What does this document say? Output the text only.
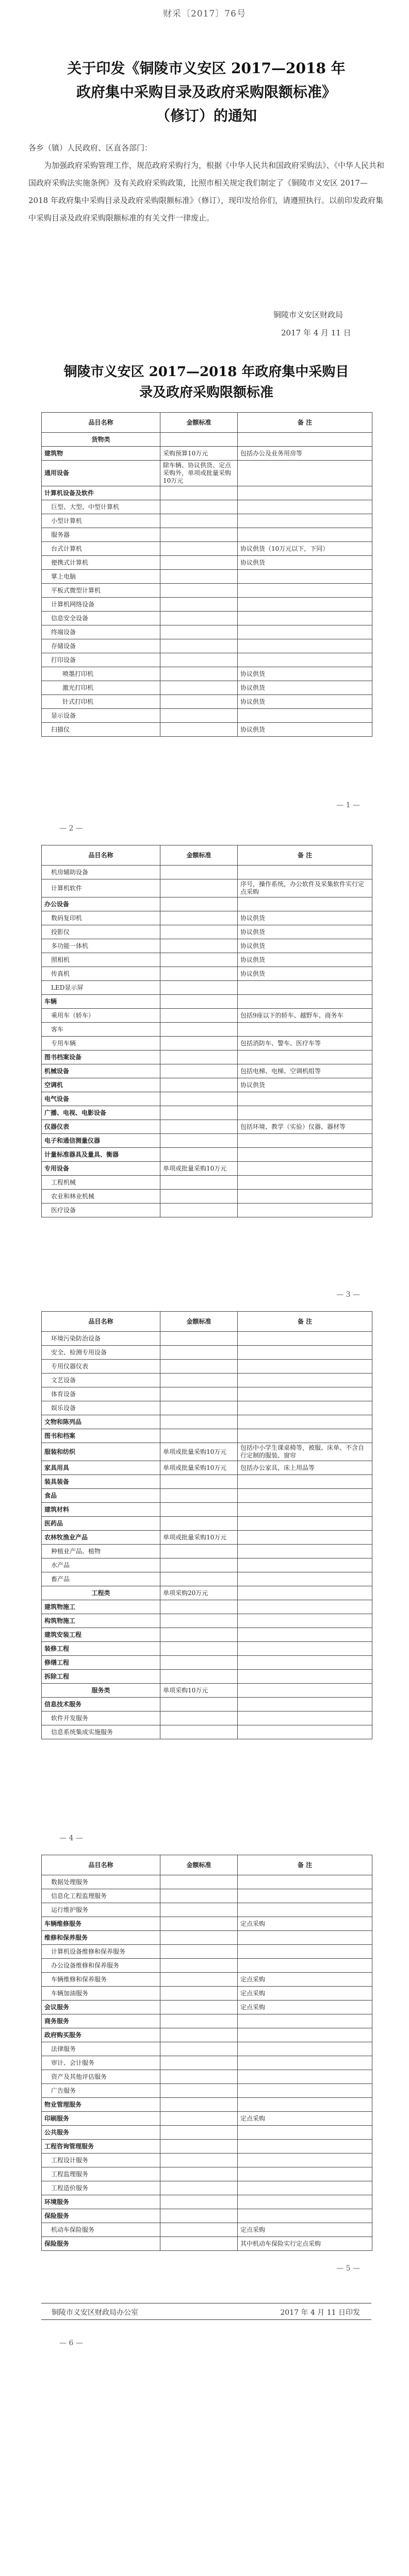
财采〔2017〕76号
关于印发《铜陵市义安区 2017—2018 年政府集中采购目录及政府采购限额标准》（修订）的通知

各乡（镇）人民政府、区直各部门：

为加强政府采购管理工作，规范政府采购行为，根据《中华人民共和国政府采购法》、《中华人民共和国政府采购法实施条例》及有关政府采购政策，比照市相关规定我们制定了《铜陵市义安区 2017—2018 年政府集中采购目录及政府采购限额标准》（修订），现印发给你们，请遵照执行。以前印发政府集中采购目录及政府采购限额标准的有关文件一律废止。

铜陵市义安区财政局
2017 年 4 月 11 日
铜陵市义安区 2017—2018 年政府集中采购目录及政府采购限额标准
品目名称	金额标准	备 注
货物类		
建筑物	采购预算10万元	包括办公及业务用房等
通用设备	除车辆、协议供货、定点采购外，单项或批量采购10万元	
计算机设备及软件		
巨型、大型、中型计算机		
小型计算机		
服务器		
台式计算机		协议供货（10万元以下，下同）
便携式计算机		协议供货
掌上电脑		
平板式微型计算机		
计算机网络设备		
信息安全设备		
终端设备		
存储设备		
打印设备		
喷墨打印机		协议供货
激光打印机		协议供货
针式打印机		协议供货
显示设备		
扫描仪		协议供货
— 1 —
— 2 —
品目名称	金额标准	备 注
机房辅助设备		
计算机软件		序号，操作系统，办公软件及采集软件实行定点采购
办公设备		
数码复印机		协议供货
投影仪		协议供货
多功能一体机		协议供货
照相机		协议供货
传真机		协议供货
LED显示屏		
车辆		
乘用车（轿车）		包括9座以下的轿车、越野车、商务车
客车		
专用车辆		包括消防车、警车、医疗车等
图书档案设备		
机械设备		包括电梯、电梯、空调机组等
空调机		协议供货
电气设备		
广播、电视、电影设备		
仪器仪表		包括环境、教学（实验）仪器、器材等
电子和通信测量仪器		
计量标准器具及量具、衡器		
专用设备	单项或批量采购10万元	
工程机械		
农业和林业机械		
医疗设备		
— 3 —
品目名称	金额标准	备 注
环境污染防治设备		
安全、检测专用设备		
专用仪器仪表		
文艺设备		
体育设备		
娱乐设备		
文物和陈列品		
图书和档案		
服装和纺织	单项或批量采购10万元	包括中小学生课桌椅等，被服、床单、不含自行定制的服装、窗帘
家具用具	单项或批量采购10万元	包括办公家具，床上用品等
装具装备		
食品		
建筑材料		
医药品		
农林牧渔业产品	单项或批量采购10万元	
种植业产品、植物		
水产品		
畜产品		
工程类	单项采购20万元	
建筑物施工		
构筑物施工		
建筑安装工程		
装修工程		
修缮工程		
拆除工程		
服务类	单项采购10万元	
信息技术服务		
软件开发服务		
信息系统集成实施服务		
— 4 —
品目名称	金额标准	备 注
数据处理服务		
信息化工程监理服务		
运行维护服务		
车辆维修服务		定点采购
维修和保养服务		
计算机设备维修和保养服务		
办公设备维修和保养服务		
车辆维修和保养服务		定点采购
车辆加油服务		定点采购
会议服务		定点采购
商务服务		
政府购买服务		
法律服务		
审计、会计服务		
资产及其他评估服务		
广告服务		
物业管理服务		
印刷服务		定点采购
公共服务		
工程咨询管理服务		
工程设计服务		
工程监理服务		
工程造价服务		
环境服务		
保险服务		
机动车保险服务		定点采购
保险服务		其中机动车保险实行定点采购
— 5 —
铜陵市义安区财政局办公室	2017 年 4 月 11 日印发
— 6 —
